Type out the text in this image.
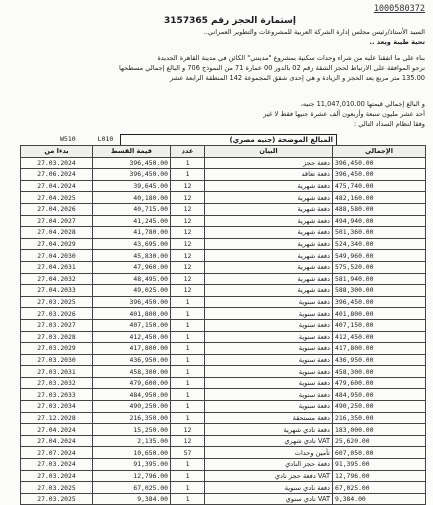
1000580372
إستمارة الحجز رقم 3157365
السيد الأستاذ/رئيس مجلس إدارة الشركة العربية للمشروعات والتطوير العمراني..
تحية طيبة وبعد ..
بناء على ما اتفقنا عليه من شراء وحدات سكنية بمشروع "مدينتي" الكائن في مدينة القاهرة الجديدة
نرجو الموافقة على الارتباط لحجز الشقة رقم 02 بالدور 00 عمارة 71 من النموذج 706 و البالغ إجمالي مسطحها
135.00 متر مربع بعد الحجز و الزيادة و هي إحدى شقق المجموعة 142 المنطقة الرابعة عشر
و البالغ إجمالي قيمتها 11,047,010.00 جنيه،
أحد عشر مليون سبعة وأربعون ألف عشرة جنيها فقط لا غير
وفقا لنظام السداد التالي :
W510	L010	المبالغ الموضحة (جنيه مصري)
بدءا من	قيمة القسط	عدد	البيان	الإجمالي
27.03.2024	396,450.00	1	دفعة حجز	396,450.00
27.06.2024	396,450.00	1	دفعة تعاقد	396,450.00
27.04.2024	39,645.00	12	دفعة شهرية	475,740.00
27.04.2025	40,180.00	12	دفعة شهرية	482,160.00
27.04.2026	40,715.00	12	دفعة شهرية	488,580.00
27.04.2027	41,245.00	12	دفعة شهرية	494,940.00
27.04.2028	41,780.00	12	دفعة شهرية	501,360.00
27.04.2029	43,695.00	12	دفعة شهرية	524,340.00
27.04.2030	45,830.00	12	دفعة شهرية	549,960.00
27.04.2031	47,960.00	12	دفعة شهرية	575,520.00
27.04.2032	48,495.00	12	دفعة شهرية	581,940.00
27.04.2033	49,025.00	12	دفعة شهرية	588,300.00
27.03.2025	396,450.00	1	دفعة سنوية	396,450.00
27.03.2026	401,800.00	1	دفعة سنوية	401,800.00
27.03.2027	407,150.00	1	دفعة سنوية	407,150.00
27.03.2028	412,450.00	1	دفعة سنوية	412,450.00
27.03.2029	417,800.00	1	دفعة سنوية	417,800.00
27.03.2030	436,950.00	1	دفعة سنوية	436,950.00
27.03.2031	458,300.00	1	دفعة سنوية	458,300.00
27.03.2032	479,600.00	1	دفعة سنوية	479,600.00
27.03.2033	484,950.00	1	دفعة سنوية	484,950.00
27.03.2034	490,250.00	1	دفعة سنوية	490,250.00
27.12.2028	216,350.00	1	دفعة مستحقة	216,350.00
27.04.2024	15,250.00	12	دفعة نادي شهرية	183,000.00
27.04.2024	2,135.00	12	VAT نادي شهري	25,620.00
27.07.2024	10,650.00	57	تأمين وحدات	607,050.00
27.03.2024	91,395.00	1	دفعة حجز النادي	91,395.00
27.03.2024	12,796.00	1	VAT دفعة حجز نادي	12,796.00
27.03.2025	67,025.00	1	دفعة نادي سنوية	67,025.00
27.03.2025	9,384.00	1	VAT نادي سنوي	9,384.00
